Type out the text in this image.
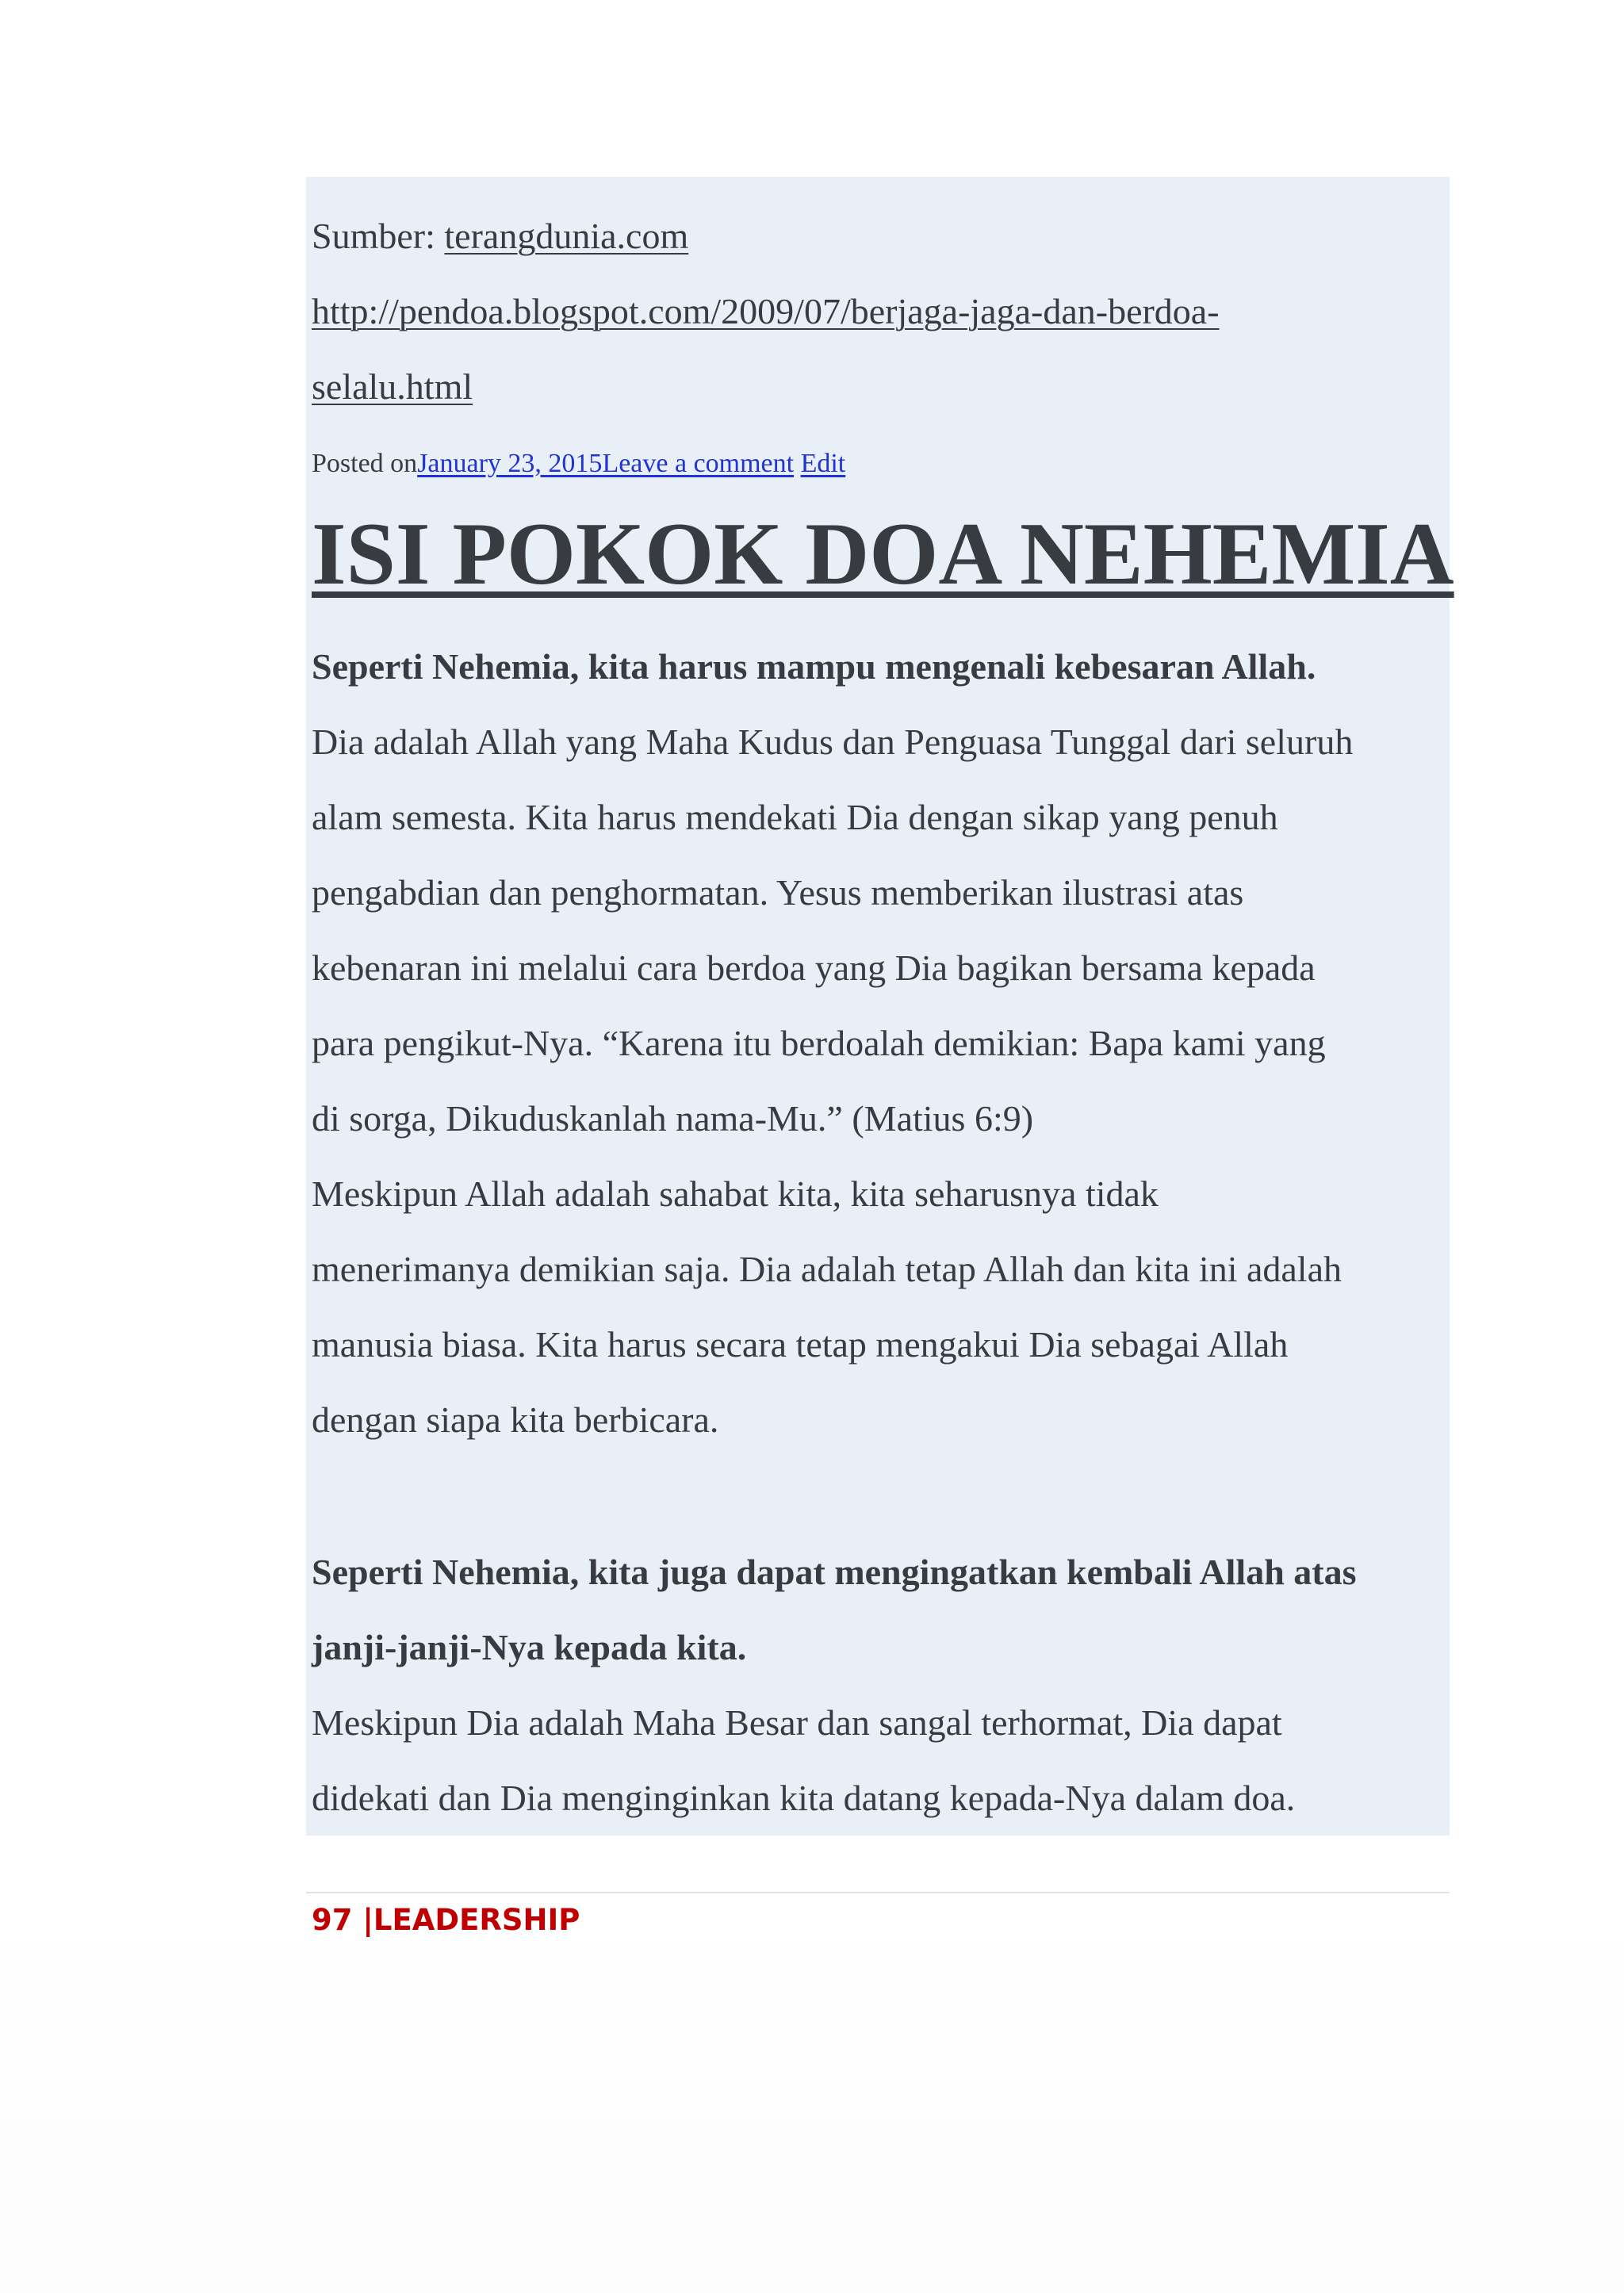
Sumber: terangdunia.com

http://pendoa.blogspot.com/2009/07/berjaga-jaga-dan-berdoa-

selalu.html

Posted onJanuary 23, 2015Leave a comment Edit
ISI POKOK DOA NEHEMIA

Seperti Nehemia, kita harus mampu mengenali kebesaran Allah.

Dia adalah Allah yang Maha Kudus dan Penguasa Tunggal dari seluruh

alam semesta. Kita harus mendekati Dia dengan sikap yang penuh

pengabdian dan penghormatan. Yesus memberikan ilustrasi atas

kebenaran ini melalui cara berdoa yang Dia bagikan bersama kepada

para pengikut-Nya. “Karena itu berdoalah demikian: Bapa kami yang

di sorga, Dikuduskanlah nama-Mu.” (Matius 6:9)

Meskipun Allah adalah sahabat kita, kita seharusnya tidak

menerimanya demikian saja. Dia adalah tetap Allah dan kita ini adalah

manusia biasa. Kita harus secara tetap mengakui Dia sebagai Allah

dengan siapa kita berbicara.

Seperti Nehemia, kita juga dapat mengingatkan kembali Allah atas

janji-janji-Nya kepada kita.

Meskipun Dia adalah Maha Besar dan sangal terhormat, Dia dapat

didekati dan Dia menginginkan kita datang kepada-Nya dalam doa.

97 |LEADERSHIP
